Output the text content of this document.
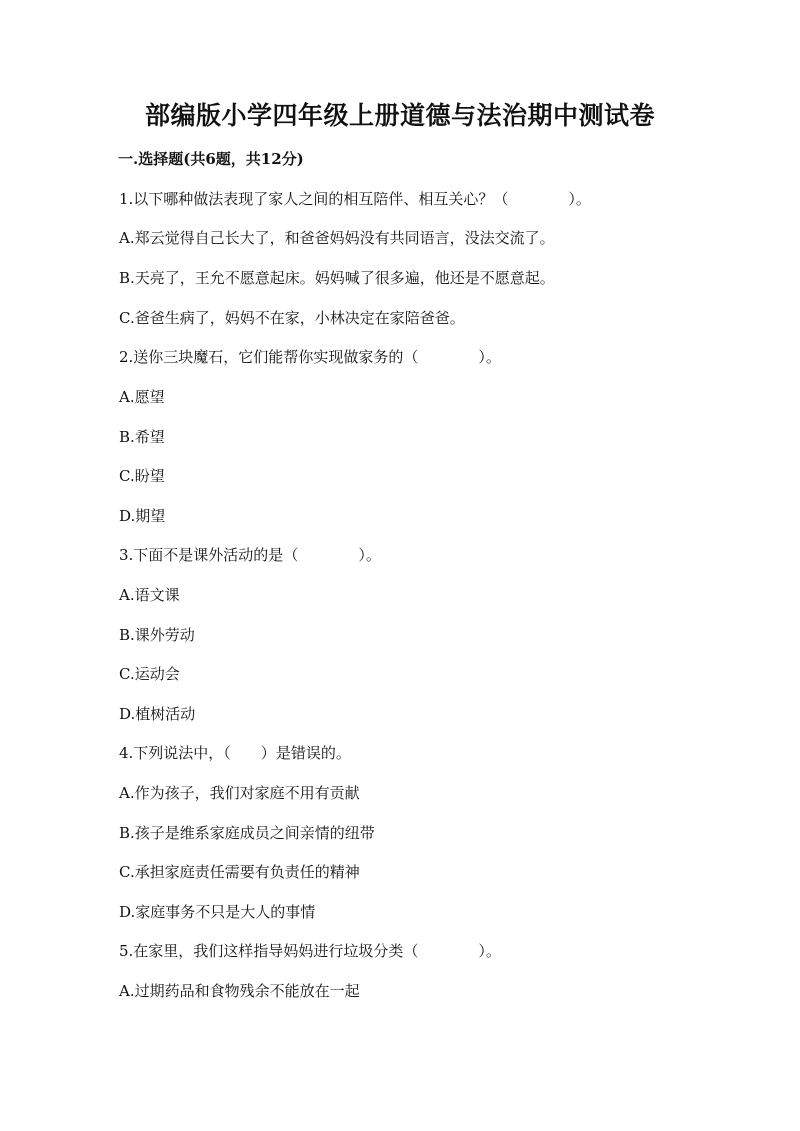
部编版小学四年级上册道德与法治期中测试卷
一.选择题(共6题，共12分)

1.以下哪种做法表现了家人之间的相互陪伴、相互关心？（　　　　）。

A.郑云觉得自己长大了，和爸爸妈妈没有共同语言，没法交流了。

B.天亮了，王允不愿意起床。妈妈喊了很多遍，他还是不愿意起。

C.爸爸生病了，妈妈不在家，小林决定在家陪爸爸。

2.送你三块魔石，它们能帮你实现做家务的（　　　　）。

A.愿望

B.希望

C.盼望

D.期望

3.下面不是课外活动的是（　　　　）。

A.语文课

B.课外劳动

C.运动会

D.植树活动

4.下列说法中，（　　）是错误的。

A.作为孩子，我们对家庭不用有贡献

B.孩子是维系家庭成员之间亲情的纽带

C.承担家庭责任需要有负责任的精神

D.家庭事务不只是大人的事情

5.在家里，我们这样指导妈妈进行垃圾分类（　　　　）。

A.过期药品和食物残余不能放在一起
